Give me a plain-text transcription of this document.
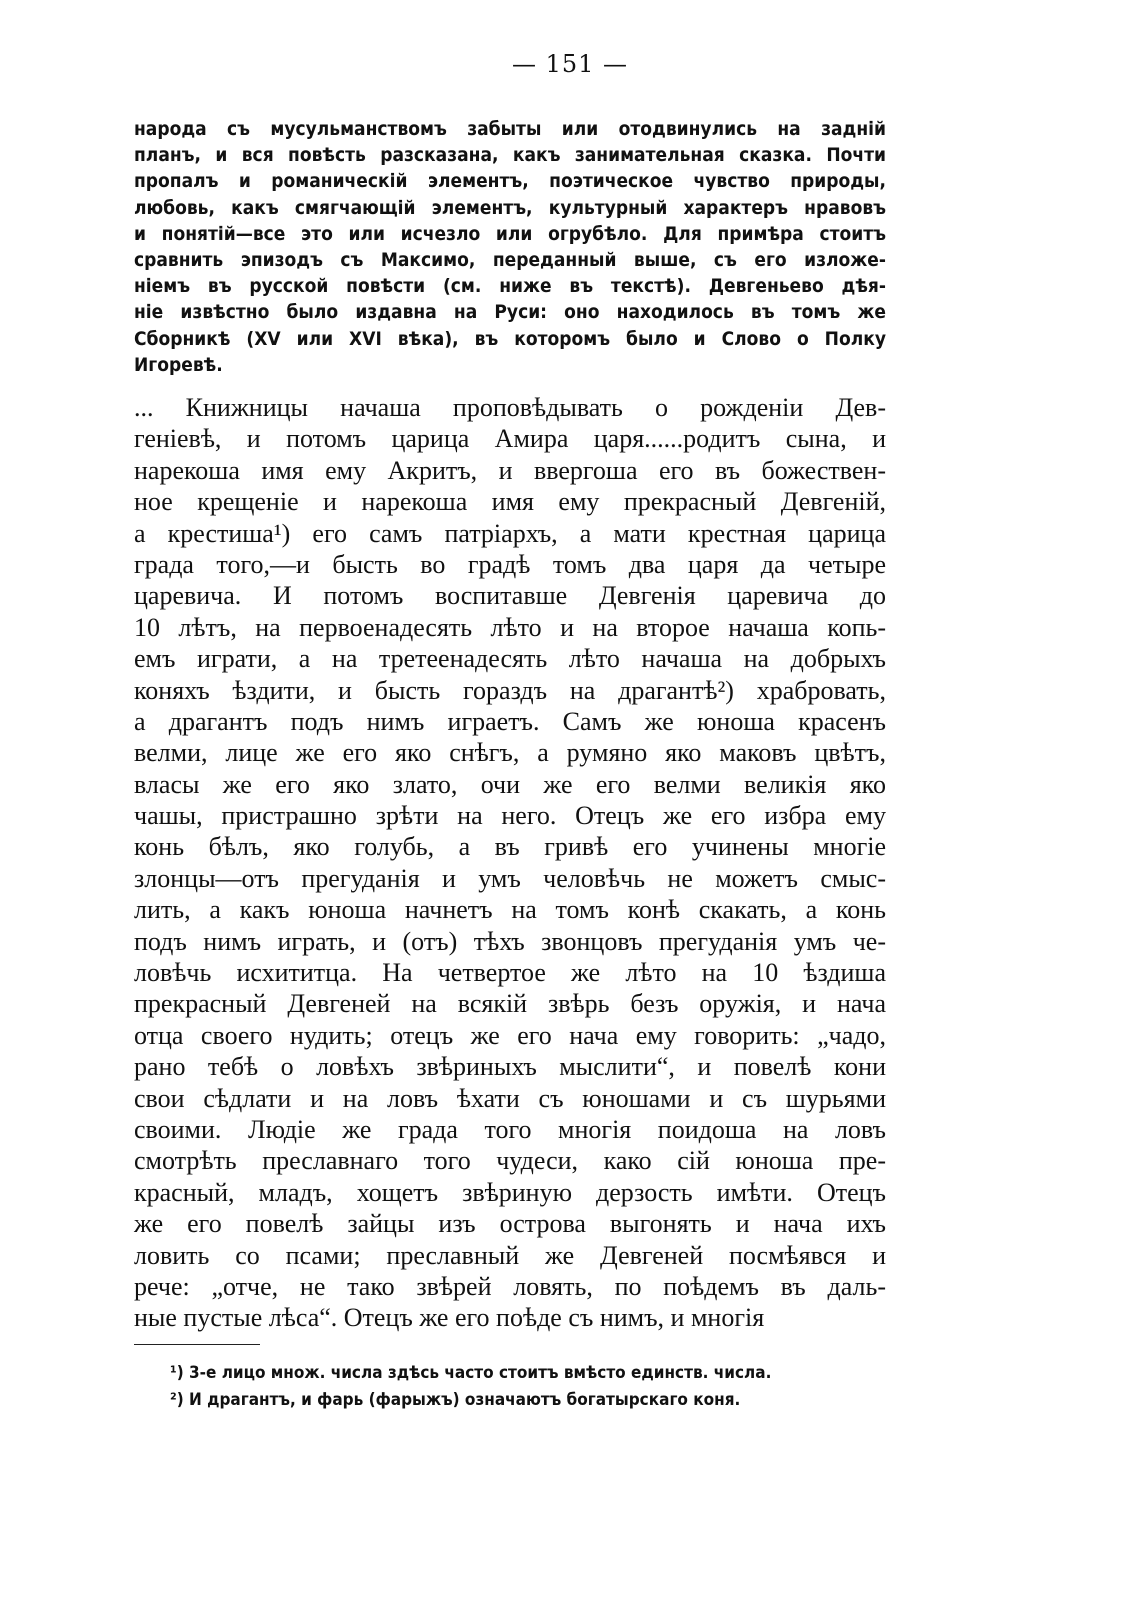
— 151 —
народа съ мусульманствомъ забыты или отодвинулись на задній
планъ, и вся повѣсть разсказана, какъ занимательная сказка. Почти
пропалъ и романическій элементъ, поэтическое чувство природы,
любовь, какъ смягчающій элементъ, культурный характеръ нравовъ
и понятій—все это или исчезло или огрубѣло. Для примѣра стоитъ
сравнить эпизодъ съ Максимо, переданный выше, съ его изложе-
ніемъ въ русской повѣсти (см. ниже въ текстѣ). Девгеньево дѣя-
ніе извѣстно было издавна на Руси: оно находилось въ томъ же
Сборникѣ (XV или XVI вѣка), въ которомъ было и Слово о Полку
Игоревѣ.
... Книжницы начаша проповѣдывать о рожденіи Дев-
геніевѣ, и потомъ царица Амира царя......родитъ сына, и
нарекоша имя ему Акритъ, и ввергоша его въ божествен-
ное крещеніе и нарекоша имя ему прекрасный Девгеній,
а крестиша¹) его самъ патріархъ, а мати крестная царица
града того,—и бысть во градѣ томъ два царя да четыре
царевича. И потомъ воспитавше Девгенія царевича до
10 лѣтъ, на первоенадесять лѣто и на второе начаша копь-
емъ играти, а на третеенадесять лѣто начаша на добрыхъ
коняхъ ѣздити, и бысть гораздъ на драгантѣ²) храбровать,
а драгантъ подъ нимъ играетъ. Самъ же юноша красенъ
велми, лице же его яко снѣгъ, а румяно яко маковъ цвѣтъ,
власы же его яко злато, очи же его велми великія яко
чашы, пристрашно зрѣти на него. Отецъ же его избра ему
конь бѣлъ, яко голубь, а въ гривѣ его учинены многіе
злонцы—отъ прегуданія и умъ человѣчь не можетъ смыс-
лить, а какъ юноша начнетъ на томъ конѣ скакать, а конь
подъ нимъ играть, и (отъ) тѣхъ звонцовъ прегуданія умъ че-
ловѣчь исхититца. На четвертое же лѣто на 10 ѣздиша
прекрасный Девгеней на всякій звѣрь безъ оружія, и нача
отца своего нудить; отецъ же его нача ему говорить: „чадо,
рано тебѣ о ловѣхъ звѣриныхъ мыслити“, и повелѣ кони
свои сѣдлати и на ловъ ѣхати съ юношами и съ шурьями
своими. Людіе же града того многія поидоша на ловъ
смотрѣть преславнаго того чудеси, како сій юноша пре-
красный, младъ, хощетъ звѣриную дерзость имѣти. Отецъ
же его повелѣ зайцы изъ острова выгонять и нача ихъ
ловить со псами; преславный же Девгеней посмѣявся и
рече: „отче, не тако звѣрей ловять, по поѣдемъ въ даль-
ные пустые лѣса“. Отецъ же его поѣде съ нимъ, и многія
¹) 3-е лицо множ. числа здѣсь часто стоитъ вмѣсто единств. числа.
²) И драгантъ, и фарь (фарыжъ) означаютъ богатырскаго коня.
